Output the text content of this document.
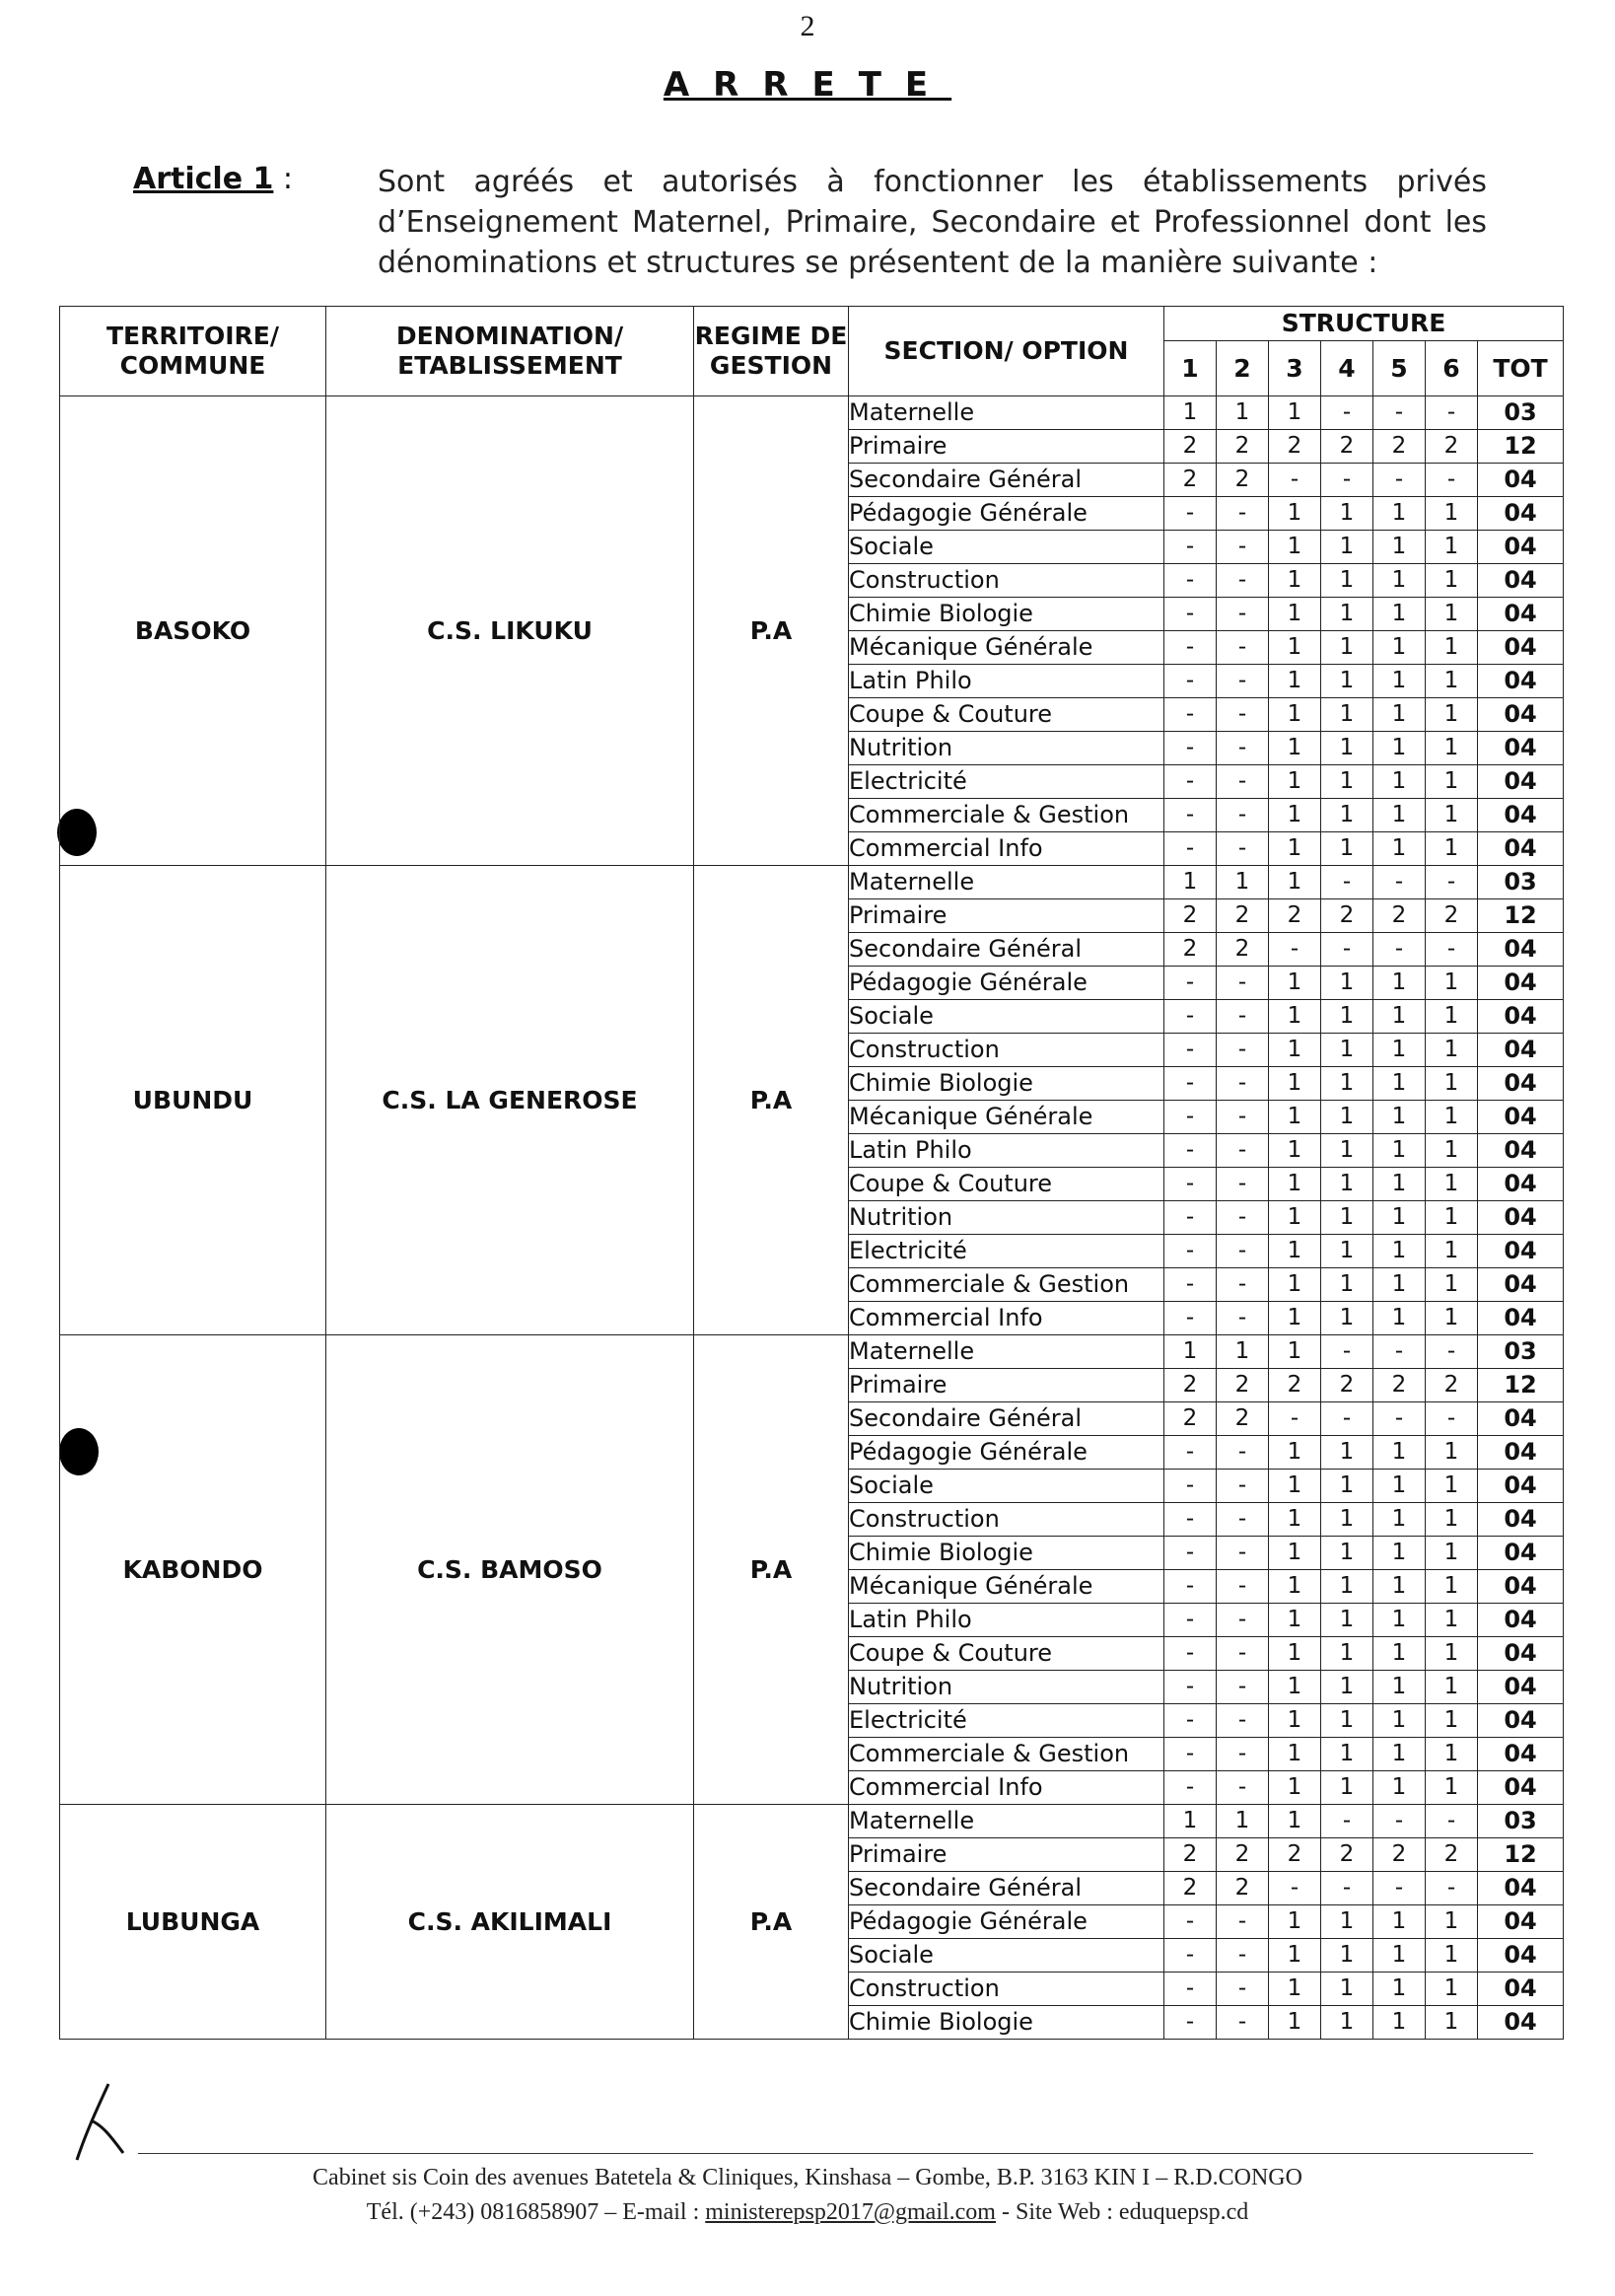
2
ARRETE
Article 1 :	Sont agréés et autorisés à fonctionner les établissements privés d’Enseignement Maternel, Primaire, Secondaire et Professionnel dont les dénominations et structures se présentent de la manière suivante :
TERRITOIRE/ COMMUNE	DENOMINATION/ ETABLISSEMENT	REGIME DE GESTION	SECTION/ OPTION	STRUCTURE						
				1	2	3	4	5	6	TOT
BASOKO	C.S. LIKUKU	P.A	Maternelle	1	1	1	-	-	-	03
			Primaire	2	2	2	2	2	2	12
			Secondaire Général	2	2	-	-	-	-	04
			Pédagogie Générale	-	-	1	1	1	1	04
			Sociale	-	-	1	1	1	1	04
			Construction	-	-	1	1	1	1	04
			Chimie Biologie	-	-	1	1	1	1	04
			Mécanique Générale	-	-	1	1	1	1	04
			Latin Philo	-	-	1	1	1	1	04
			Coupe & Couture	-	-	1	1	1	1	04
			Nutrition	-	-	1	1	1	1	04
			Electricité	-	-	1	1	1	1	04
			Commerciale & Gestion	-	-	1	1	1	1	04
			Commercial Info	-	-	1	1	1	1	04
UBUNDU	C.S. LA GENEROSE	P.A	Maternelle	1	1	1	-	-	-	03
			Primaire	2	2	2	2	2	2	12
			Secondaire Général	2	2	-	-	-	-	04
			Pédagogie Générale	-	-	1	1	1	1	04
			Sociale	-	-	1	1	1	1	04
			Construction	-	-	1	1	1	1	04
			Chimie Biologie	-	-	1	1	1	1	04
			Mécanique Générale	-	-	1	1	1	1	04
			Latin Philo	-	-	1	1	1	1	04
			Coupe & Couture	-	-	1	1	1	1	04
			Nutrition	-	-	1	1	1	1	04
			Electricité	-	-	1	1	1	1	04
			Commerciale & Gestion	-	-	1	1	1	1	04
			Commercial Info	-	-	1	1	1	1	04
KABONDO	C.S. BAMOSO	P.A	Maternelle	1	1	1	-	-	-	03
			Primaire	2	2	2	2	2	2	12
			Secondaire Général	2	2	-	-	-	-	04
			Pédagogie Générale	-	-	1	1	1	1	04
			Sociale	-	-	1	1	1	1	04
			Construction	-	-	1	1	1	1	04
			Chimie Biologie	-	-	1	1	1	1	04
			Mécanique Générale	-	-	1	1	1	1	04
			Latin Philo	-	-	1	1	1	1	04
			Coupe & Couture	-	-	1	1	1	1	04
			Nutrition	-	-	1	1	1	1	04
			Electricité	-	-	1	1	1	1	04
			Commerciale & Gestion	-	-	1	1	1	1	04
			Commercial Info	-	-	1	1	1	1	04
LUBUNGA	C.S. AKILIMALI	P.A	Maternelle	1	1	1	-	-	-	03
			Primaire	2	2	2	2	2	2	12
			Secondaire Général	2	2	-	-	-	-	04
			Pédagogie Générale	-	-	1	1	1	1	04
			Sociale	-	-	1	1	1	1	04
			Construction	-	-	1	1	1	1	04
			Chimie Biologie	-	-	1	1	1	1	04
Cabinet sis Coin des avenues Batetela & Cliniques, Kinshasa – Gombe, B.P. 3163 KIN I – R.D.CONGO
Tél. (+243) 0816858907 – E-mail : ministerepsp2017@gmail.com - Site Web : eduquepsp.cd
